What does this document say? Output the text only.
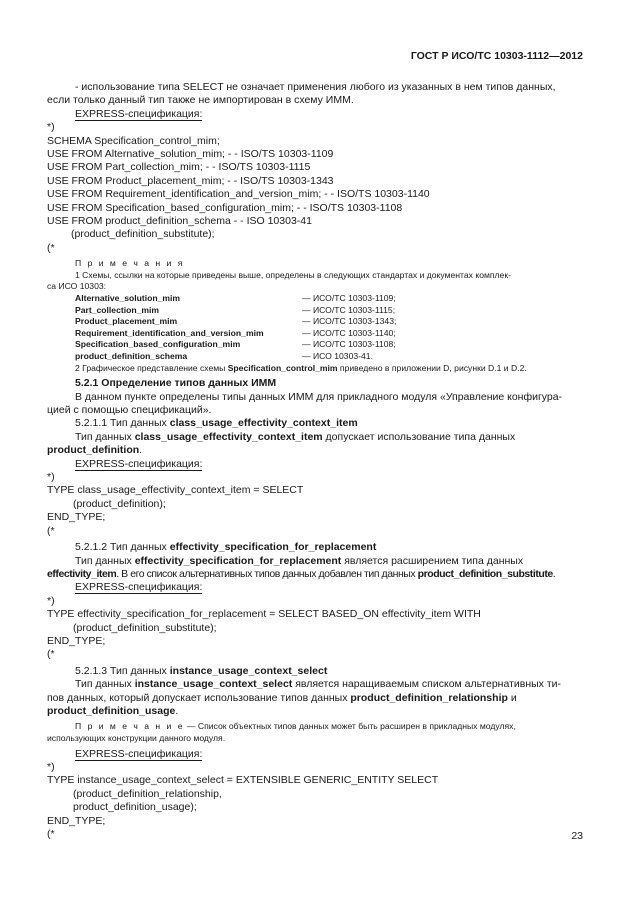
ГОСТ Р ИСО/ТС 10303-1112—2012
- использование типа SELECT не означает применения любого из указанных в нем типов данных,
если только данный тип также не импортирован в схему ИММ.
EXPRESS-спецификация:
*)
SCHEMA Specification_control_mim;
USE FROM Alternative_solution_mim; - - ISO/TS 10303-1109
USE FROM Part_collection_mim; - - ISO/TS 10303-1115
USE FROM Product_placement_mim; - - ISO/TS 10303-1343
USE FROM Requirement_identification_and_version_mim; - - ISO/TS 10303-1140
USE FROM Specification_based_configuration_mim; - - ISO/TS 10303-1108
USE FROM product_definition_schema - - ISO 10303-41
(product_definition_substitute);
(*
П р и м е ч а н и я
1 Схемы, ссылки на которые приведены выше, определены в следующих стандартах и документах комплек-
са ИСО 10303:
Alternative_solution_mim	— ИСО/ТС 10303-1109;
Part_collection_mim	— ИСО/ТС 10303-1115;
Product_placement_mim	— ИСО/ТС 10303-1343;
Requirement_identification_and_version_mim	— ИСО/ТС 10303-1140;
Specification_based_configuration_mim	— ИСО/ТС 10303-1108;
product_definition_schema	— ИСО 10303-41.
2 Графическое представление схемы Specification_control_mim приведено в приложении D, рисунки D.1 и D.2.
5.2.1 Определение типов данных ИММ
В данном пункте определены типы данных ИММ для прикладного модуля «Управление конфигура-
цией с помощью спецификаций».
5.2.1.1 Тип данных class_usage_effectivity_context_item
Тип данных class_usage_effectivity_context_item допускает использование типа данных
product_definition.
EXPRESS-спецификация:
*)
TYPE class_usage_effectivity_context_item = SELECT
(product_definition);
END_TYPE;
(*
5.2.1.2 Тип данных effectivity_specification_for_replacement
Тип данных effectivity_specification_for_replacement является расширением типа данных
effectivity_item. В его список альтернативных типов данных добавлен тип данных product_definition_substitute.
EXPRESS-спецификация:
*)
TYPE effectivity_specification_for_replacement = SELECT BASED_ON effectivity_item WITH
(product_definition_substitute);
END_TYPE;
(*
5.2.1.3 Тип данных instance_usage_context_select
Тип данных instance_usage_context_select является наращиваемым списком альтернативных ти-
пов данных, который допускает использование типов данных product_definition_relationship и
product_definition_usage.
П р и м е ч а н и е — Список объектных типов данных может быть расширен в прикладных модулях,
использующих конструкции данного модуля.
EXPRESS-спецификация:
*)
TYPE instance_usage_context_select = EXTENSIBLE GENERIC_ENTITY SELECT
(product_definition_relationship,
product_definition_usage);
END_TYPE;
(*	23
